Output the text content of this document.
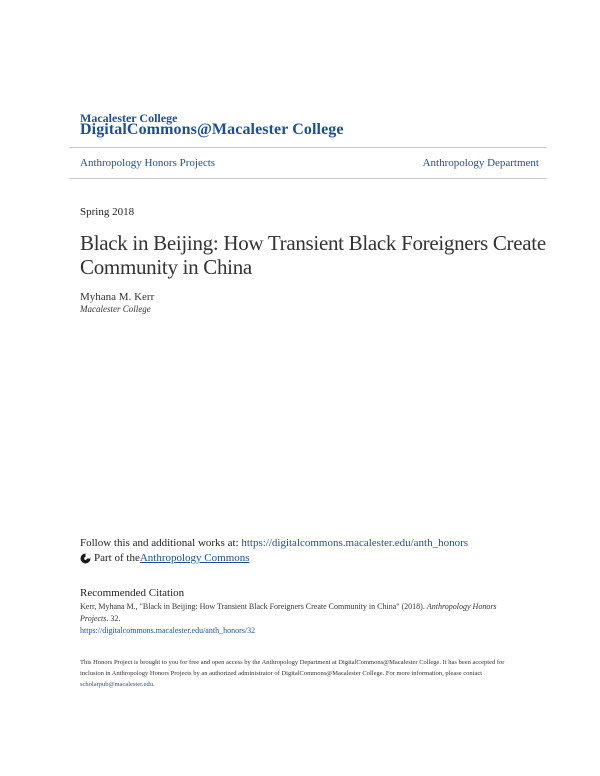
Macalester College
DigitalCommons@Macalester College
Anthropology Honors Projects	Anthropology Department
Spring 2018
Black in Beijing: How Transient Black Foreigners Create Community in China
Myhana M. Kerr
Macalester College
Follow this and additional works at: https://digitalcommons.macalester.edu/anth_honors
Part of the Anthropology Commons
Recommended Citation
Kerr, Myhana M., "Black in Beijing: How Transient Black Foreigners Create Community in China" (2018). Anthropology Honors Projects. 32.
https://digitalcommons.macalester.edu/anth_honors/32
This Honors Project is brought to you for free and open access by the Anthropology Department at DigitalCommons@Macalester College. It has been accepted for inclusion in Anthropology Honors Projects by an authorized administrator of DigitalCommons@Macalester College. For more information, please contact scholarpub@macalester.edu.
